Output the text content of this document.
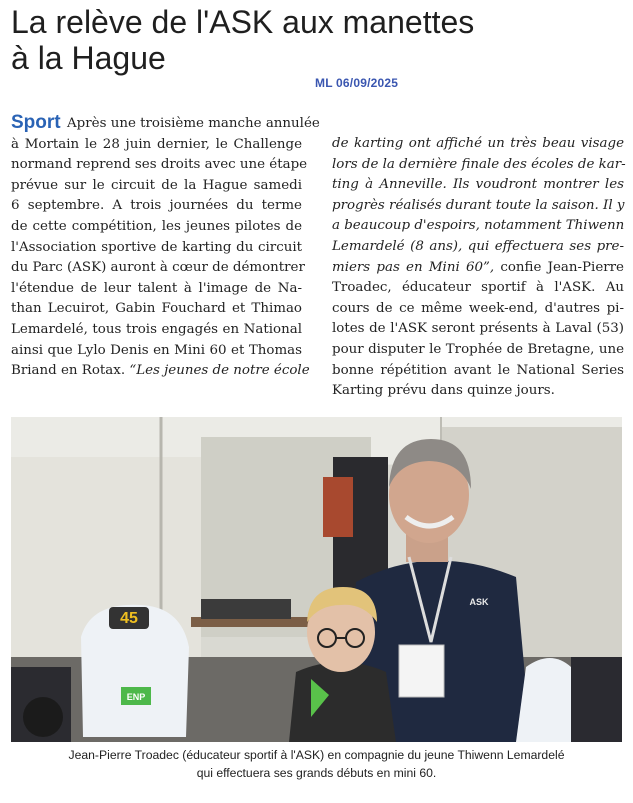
La relève de l'ASK aux manettes
à la Hague
ML 06/09/2025
Sport Après une troisième manche annulée
à Mortain le 28 juin dernier, le Challenge
normand reprend ses droits avec une étape
prévue sur le circuit de la Hague samedi
6 septembre. A trois journées du terme
de cette compétition, les jeunes pilotes de
l'Association sportive de karting du circuit
du Parc (ASK) auront à cœur de démontrer
l'étendue de leur talent à l'image de Na-
than Lecuirot, Gabin Fouchard et Thimao
Lemardelé, tous trois engagés en National
ainsi que Lylo Denis en Mini 60 et Thomas
Briand en Rotax. “Les jeunes de notre école
de karting ont affiché un très beau visage
lors de la dernière finale des écoles de kar-
ting à Anneville. Ils voudront montrer les
progrès réalisés durant toute la saison. Il y
a beaucoup d'espoirs, notamment Thiwenn
Lemardelé (8 ans), qui effectuera ses pre-
miers pas en Mini 60”, confie Jean-Pierre
Troadec, éducateur sportif à l'ASK. Au
cours de ce même week-end, d'autres pi-
lotes de l'ASK seront présents à Laval (53)
pour disputer le Trophée de Bretagne, une
bonne répétition avant le National Series
Karting prévu dans quinze jours.
45
ENP
ASK
Jean-Pierre Troadec (éducateur sportif à l'ASK) en compagnie du jeune Thiwenn Lemardelé
qui effectuera ses grands débuts en mini 60.
